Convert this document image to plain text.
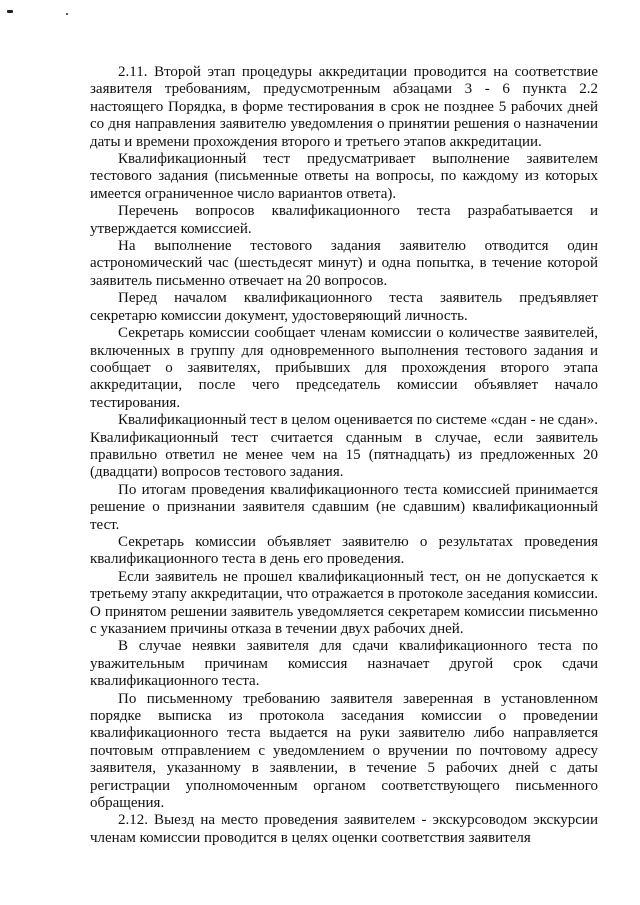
2.11. Второй этап процедуры аккредитации проводится на соответствие заявителя требованиям, предусмотренным абзацами 3 - 6 пункта 2.2 настоящего Порядка, в форме тестирования в срок не позднее 5 рабочих дней со дня направления заявителю уведомления о принятии решения о назначении даты и времени прохождения второго и третьего этапов аккредитации.

Квалификационный тест предусматривает выполнение заявителем тестового задания (письменные ответы на вопросы, по каждому из которых имеется ограниченное число вариантов ответа).

Перечень вопросов квалификационного теста разрабатывается и утверждается комиссией.

На выполнение тестового задания заявителю отводится один астрономический час (шестьдесят минут) и одна попытка, в течение которой заявитель письменно отвечает на 20 вопросов.

Перед началом квалификационного теста заявитель предъявляет секретарю комиссии документ, удостоверяющий личность.

Секретарь комиссии сообщает членам комиссии о количестве заявителей, включенных в группу для одновременного выполнения тестового задания и сообщает о заявителях, прибывших для прохождения второго этапа аккредитации, после чего председатель комиссии объявляет начало тестирования.

Квалификационный тест в целом оценивается по системе «сдан - не сдан». Квалификационный тест считается сданным в случае, если заявитель правильно ответил не менее чем на 15 (пятнадцать) из предложенных 20 (двадцати) вопросов тестового задания.

По итогам проведения квалификационного теста комиссией принимается решение о признании заявителя сдавшим (не сдавшим) квалификационный тест.

Секретарь комиссии объявляет заявителю о результатах проведения квалификационного теста в день его проведения.

Если заявитель не прошел квалификационный тест, он не допускается к третьему этапу аккредитации, что отражается в протоколе заседания комиссии. О принятом решении заявитель уведомляется секретарем комиссии письменно с указанием причины отказа в течении двух рабочих дней.

В случае неявки заявителя для сдачи квалификационного теста по уважительным причинам комиссия назначает другой срок сдачи квалификационного теста.

По письменному требованию заявителя заверенная в установленном порядке выписка из протокола заседания комиссии о проведении квалификационного теста выдается на руки заявителю либо направляется почтовым отправлением с уведомлением о вручении по почтовому адресу заявителя, указанному в заявлении, в течение 5 рабочих дней с даты регистрации уполномоченным органом соответствующего письменного обращения.

2.12. Выезд на место проведения заявителем - экскурсоводом экскурсии членам комиссии проводится в целях оценки соответствия заявителя
